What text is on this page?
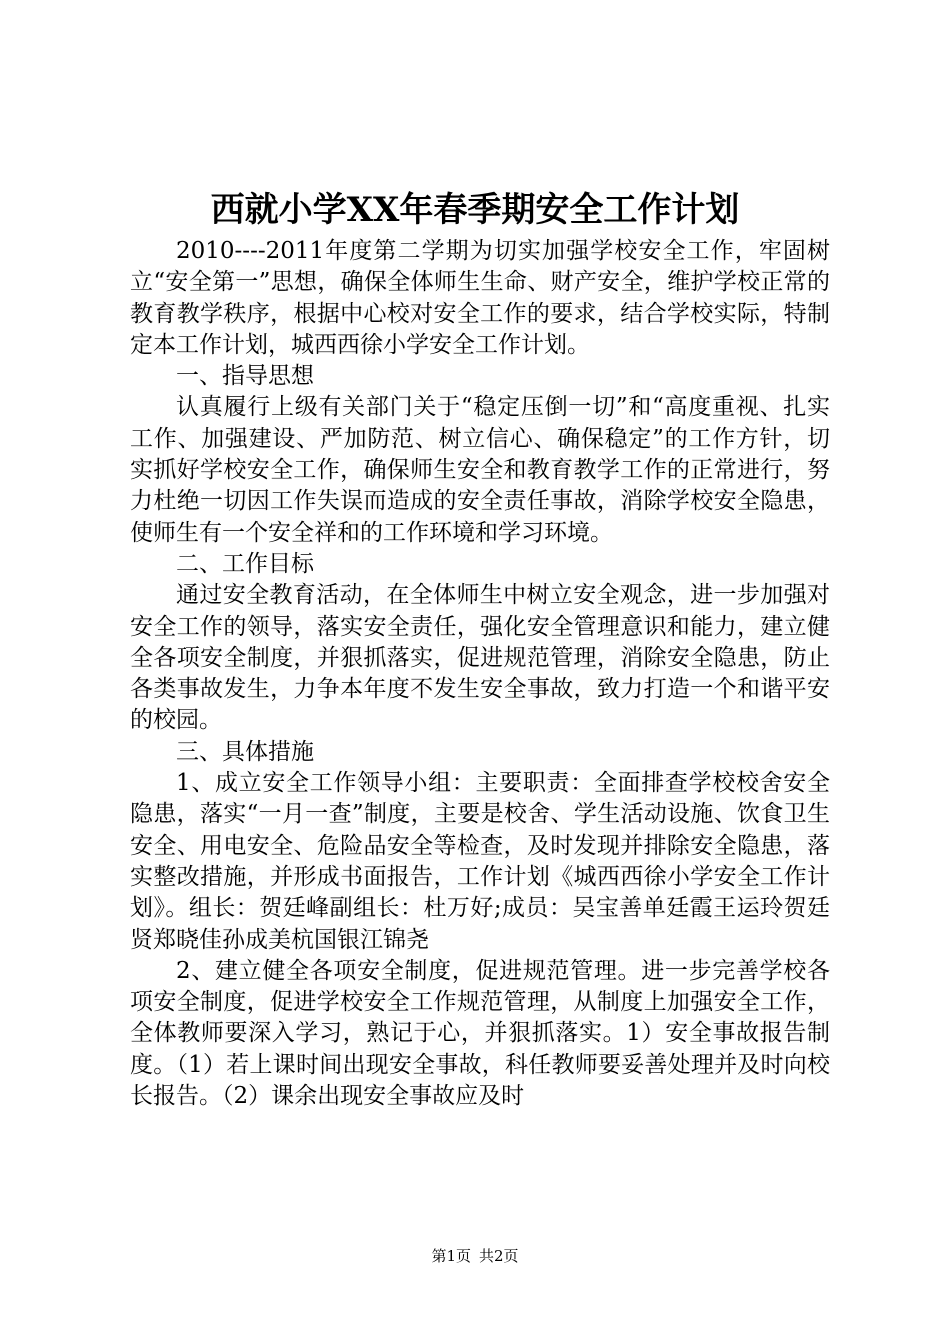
西就小学XX年春季期安全工作计划

2010----2011年度第二学期为切实加强学校安全工作，牢固树立“安全第一”思想，确保全体师生生命、财产安全，维护学校正常的教育教学秩序，根据中心校对安全工作的要求，结合学校实际，特制定本工作计划，城西西徐小学安全工作计划。

一、指导思想

认真履行上级有关部门关于“稳定压倒一切”和“高度重视、扎实工作、加强建设、严加防范、树立信心、确保稳定”的工作方针，切实抓好学校安全工作，确保师生安全和教育教学工作的正常进行，努力杜绝一切因工作失误而造成的安全责任事故，消除学校安全隐患，使师生有一个安全祥和的工作环境和学习环境。

二、工作目标

通过安全教育活动，在全体师生中树立安全观念，进一步加强对安全工作的领导，落实安全责任，强化安全管理意识和能力，建立健全各项安全制度，并狠抓落实，促进规范管理，消除安全隐患，防止各类事故发生，力争本年度不发生安全事故，致力打造一个和谐平安的校园。

三、具体措施

1、成立安全工作领导小组：主要职责：全面排查学校校舍安全隐患，落实“一月一查”制度，主要是校舍、学生活动设施、饮食卫生安全、用电安全、危险品安全等检查，及时发现并排除安全隐患，落实整改措施，并形成书面报告，工作计划《城西西徐小学安全工作计划》。组长：贺廷峰副组长：杜万好;成员：吴宝善单廷霞王运玲贺廷贤郑晓佳孙成美杭国银江锦尧

2、建立健全各项安全制度，促进规范管理。进一步完善学校各项安全制度，促进学校安全工作规范管理，从制度上加强安全工作，全体教师要深入学习，熟记于心，并狠抓落实。1）安全事故报告制度。（1）若上课时间出现安全事故，科任教师要妥善处理并及时向校长报告。（2）课余出现安全事故应及时

第1页 共2页
